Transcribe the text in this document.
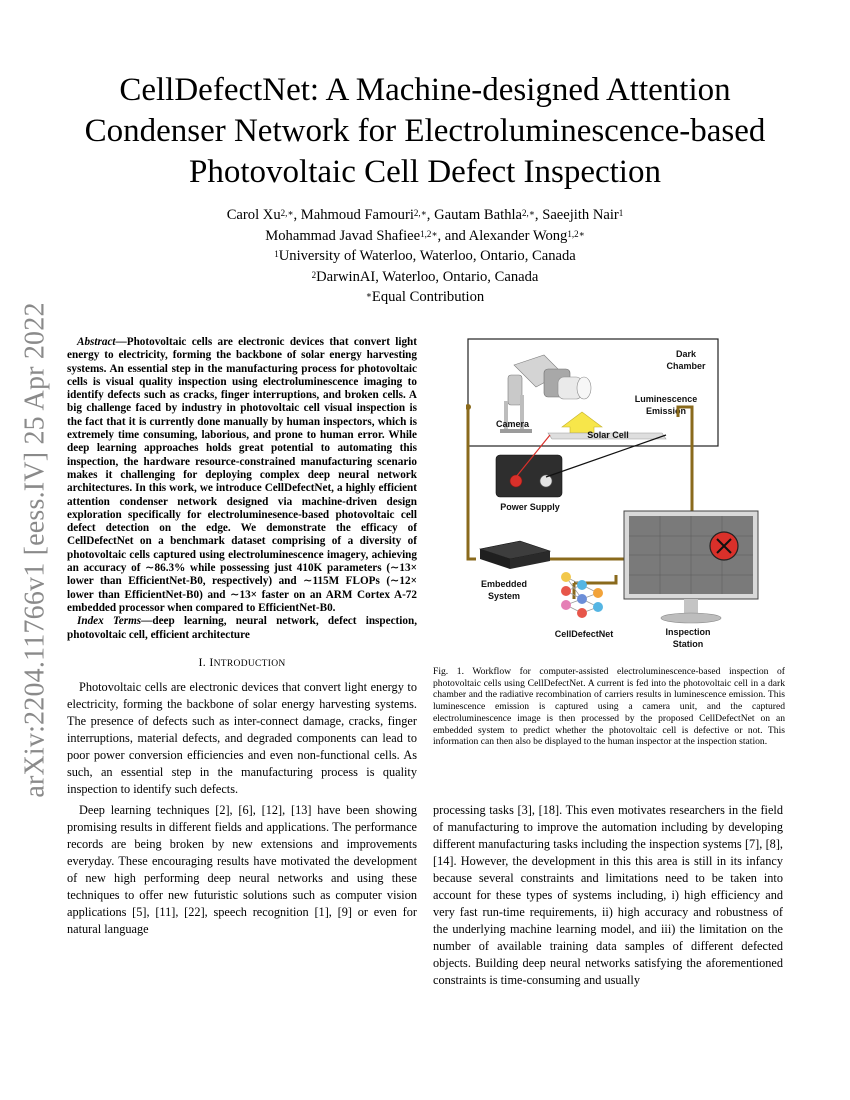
arXiv:2204.11766v1 [eess.IV] 25 Apr 2022
CellDefectNet: A Machine-designed Attention Condenser Network for Electroluminescence-based Photovoltaic Cell Defect Inspection
Carol $Xu^{2,∗}$, Mahmoud Famouri$^{2,∗}$, Gautam Bathla$^{2,∗}$, Saeejith Nair$^1$
Mohammad Javad Shafiee$^{1,2∗}$, and Alexander Wong$^{1,2∗}$
$^1$University of Waterloo, Waterloo, Ontario, Canada
$^2$DarwinAI, Waterloo, Ontario, Canada
∗Equal Contribution

Abstract—Photovoltaic cells are electronic devices that convert light energy to electricity, forming the backbone of solar energy harvesting systems. An essential step in the manufacturing process for photovoltaic cells is visual quality inspection using electroluminescence imaging to identify defects such as cracks, finger interruptions, and broken cells. A big challenge faced by industry in photovoltaic cell visual inspection is the fact that it is currently done manually by human inspectors, which is extremely time consuming, laborious, and prone to human error. While deep learning approaches holds great potential to automating this inspection, the hardware resource-constrained manufacturing scenario makes it challenging for deploying complex deep neural network architectures. In this work, we introduce CellDefectNet, a highly efficient attention condenser network designed via machine-driven design exploration specifically for electroluminesence-based photovoltaic cell defect detection on the edge. We demonstrate the efficacy of CellDefectNet on a benchmark dataset comprising of a diversity of photovoltaic cells captured using electroluminescence imagery, achieving an accuracy of ∼86.3% while possessing just 410K parameters (∼13× lower than EfficientNet-B0, respectively) and ∼115M FLOPs (∼12× lower than EfficientNet-B0) and ∼13× faster on an ARM Cortex A-72 embedded processor when compared to EfficientNet-B0.

Index Terms—deep learning, neural network, defect inspection, photovoltaic cell, efficient architecture

I. INTRODUCTION

Photovoltaic cells are electronic devices that convert light energy to electricity, forming the backbone of solar energy harvesting systems. The presence of defects such as inter-connect damage, cracks, finger interruptions, material defects, and degraded components can lead to poor power conversion efficiencies and even non-functional cells. As such, an essential step in the manufacturing process is quality inspection to identify such defects.

Deep learning techniques [2], [6], [12], [13] have been showing promising results in different fields and applications. The performance records are being broken by new extensions and improvements everyday. These encouraging results have motivated the development of new high performing deep neural networks and using these techniques to offer new futuristic solutions such as computer vision applications [5], [11], [22], speech recognition [1], [9] or even for natural language

Dark
Chamber
Camera
Luminescence
Emission
Solar Cell
Power Supply
Embedded
System
CellDefectNet	Inspection
Station
Fig. 1. Workflow for computer-assisted electroluminescence-based inspection of photovoltaic cells using CellDefectNet. A current is fed into the photovoltaic cell in a dark chamber and the radiative recombination of carriers results in luminescence emission. This luminescence emission is captured using a camera unit, and the captured electroluminescence image is then processed by the proposed CellDefectNet on an embedded system to predict whether the photovoltaic cell is defective or not. This information can then also be displayed to the human inspector at the inspection station.

processing tasks [3], [18]. This even motivates researchers in the field of manufacturing to improve the automation including by developing different manufacturing tasks including the inspection systems [7], [8], [14]. However, the development in this this area is still in its infancy because several constraints and limitations need to be taken into account for these types of systems including, i) high efficiency and very fast run-time requirements, ii) high accuracy and robustness of the underlying machine learning model, and iii) the limitation on the number of available training data samples of different defected objects. Building deep neural networks satisfying the aforementioned constraints is time-consuming and usually
